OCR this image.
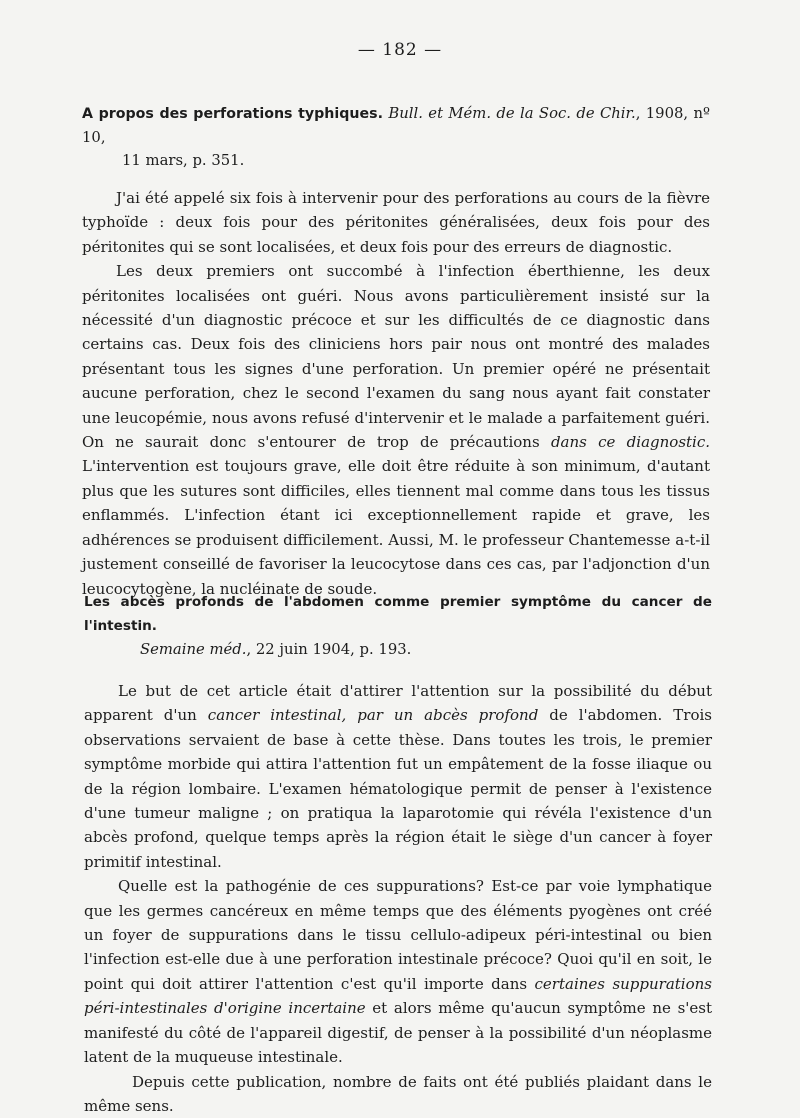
— 182 —

A propos des perforations typhiques. Bull. et Mém. de la Soc. de Chir., 1908, nº 10,
11 mars, p. 351.

J'ai été appelé six fois à intervenir pour des perforations au cours de la fièvre typhoïde : deux fois pour des péritonites généralisées, deux fois pour des péritonites qui se sont localisées, et deux fois pour des erreurs de diagnostic.

Les deux premiers ont succombé à l'infection éberthienne, les deux péritonites localisées ont guéri. Nous avons particulièrement insisté sur la nécessité d'un diagnostic précoce et sur les difficultés de ce diagnostic dans certains cas. Deux fois des cliniciens hors pair nous ont montré des malades présentant tous les signes d'une perforation. Un premier opéré ne présentait aucune perforation, chez le second l'examen du sang nous ayant fait constater une leucopémie, nous avons refusé d'intervenir et le malade a parfaitement guéri. On ne saurait donc s'entourer de trop de précautions dans ce diagnostic. L'intervention est toujours grave, elle doit être réduite à son minimum, d'autant plus que les sutures sont difficiles, elles tiennent mal comme dans tous les tissus enflammés. L'infection étant ici exceptionnellement rapide et grave, les adhérences se produisent difficilement. Aussi, M. le professeur Chantemesse a-t-il justement conseillé de favoriser la leucocytose dans ces cas, par l'adjonction d'un leucocytogène, la nucléinate de soude.

Les abcès profonds de l'abdomen comme premier symptôme du cancer de l'intestin.
Semaine méd., 22 juin 1904, p. 193.

Le but de cet article était d'attirer l'attention sur la possibilité du début apparent d'un cancer intestinal, par un abcès profond de l'abdomen. Trois observations servaient de base à cette thèse. Dans toutes les trois, le premier symptôme morbide qui attira l'attention fut un empâtement de la fosse iliaque ou de la région lombaire. L'examen hématologique permit de penser à l'existence d'une tumeur maligne ; on pratiqua la laparotomie qui révéla l'existence d'un abcès profond, quelque temps après la région était le siège d'un cancer à foyer primitif intestinal.

Quelle est la pathogénie de ces suppurations? Est-ce par voie lymphatique que les germes cancéreux en même temps que des éléments pyogènes ont créé un foyer de suppurations dans le tissu cellulo-adipeux péri-intestinal ou bien l'infection est-elle due à une perforation intestinale précoce? Quoi qu'il en soit, le point qui doit attirer l'attention c'est qu'il importe dans certaines suppurations péri-intestinales d'origine incertaine et alors même qu'aucun symptôme ne s'est manifesté du côté de l'appareil digestif, de penser à la possibilité d'un néoplasme latent de la muqueuse intestinale.

Depuis cette publication, nombre de faits ont été publiés plaidant dans le même sens.
